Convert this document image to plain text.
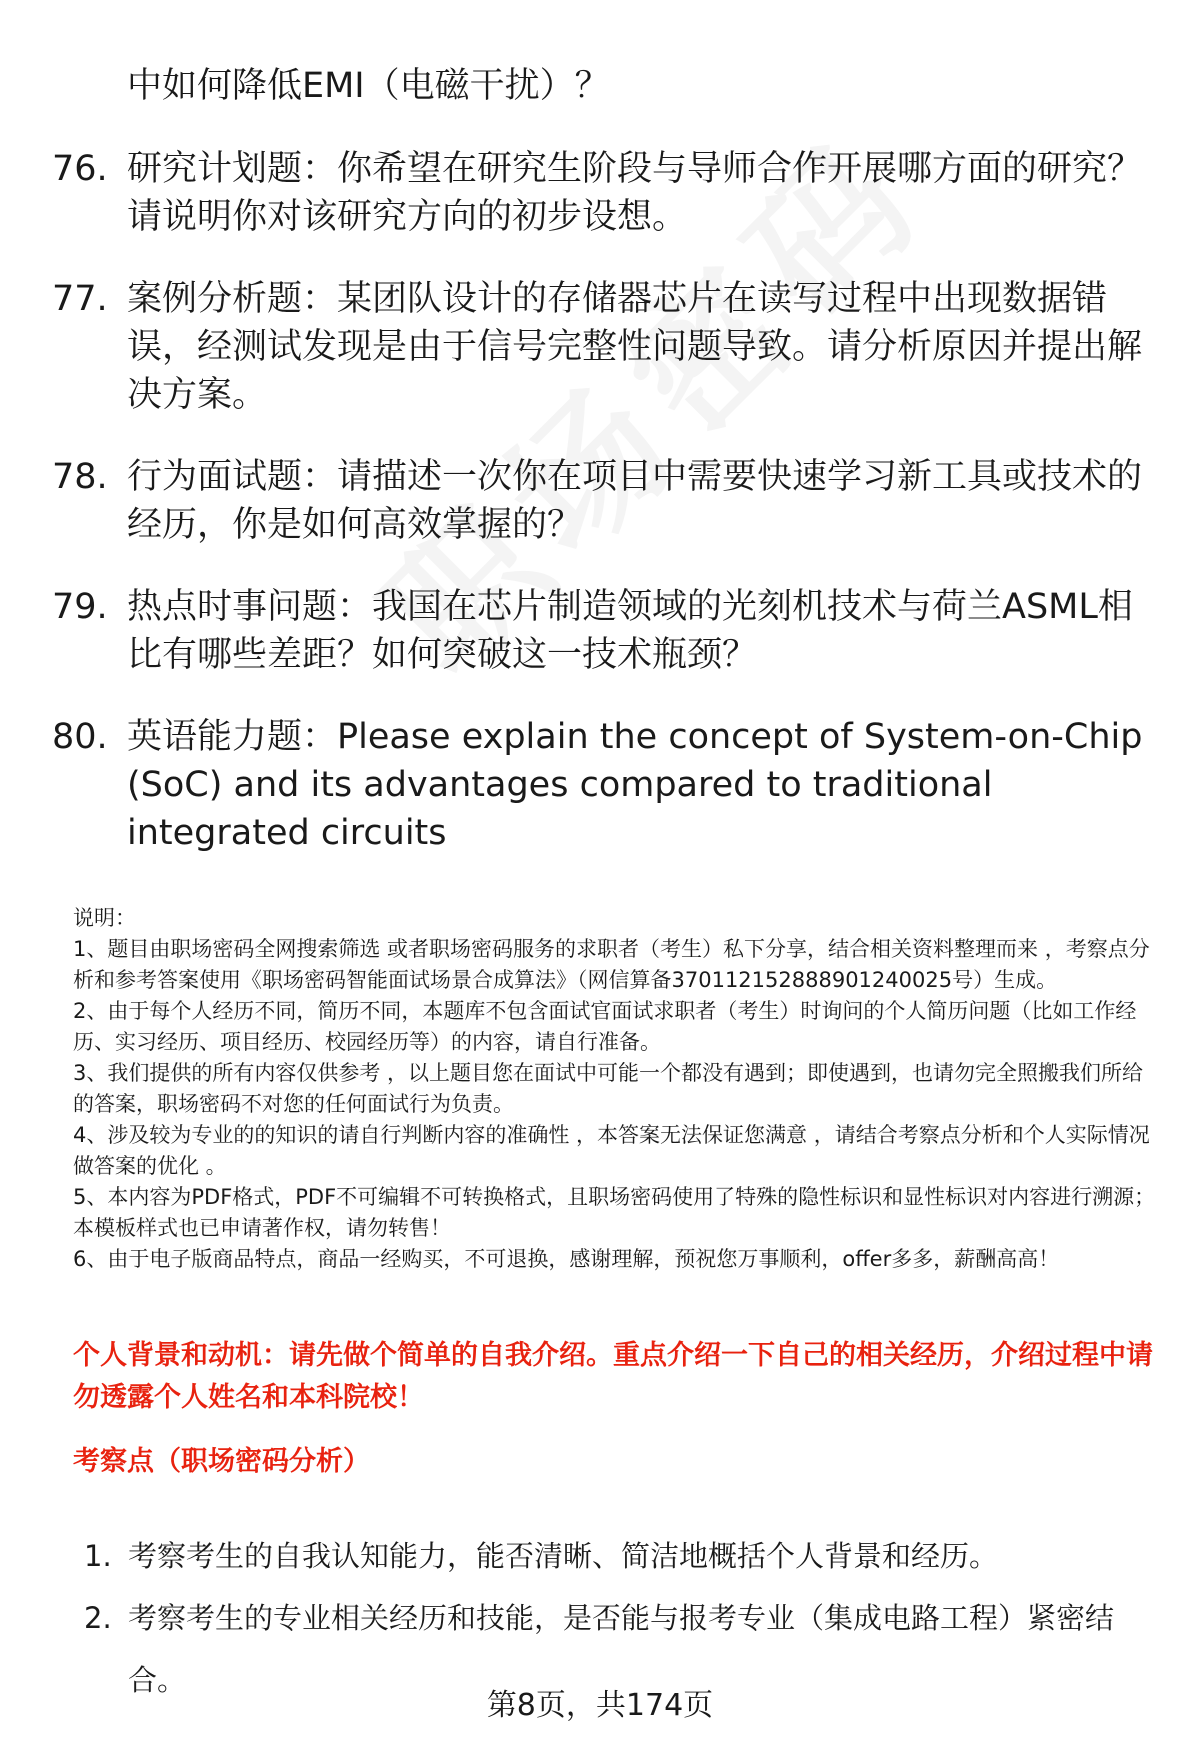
中如何降低EMI（电磁干扰）？
76. 研究计划题：你希望在研究生阶段与导师合作开展哪方面的研究？请说明你对该研究方向的初步设想。
77. 案例分析题：某团队设计的存储器芯片在读写过程中出现数据错误，经测试发现是由于信号完整性问题导致。请分析原因并提出解决方案。
78. 行为面试题：请描述一次你在项目中需要快速学习新工具或技术的经历，你是如何高效掌握的？
79. 热点时事问题：我国在芯片制造领域的光刻机技术与荷兰ASML相比有哪些差距？如何突破这一技术瓶颈？
80. 英语能力题：Please explain the concept of System-on-Chip (SoC) and its advantages compared to traditional integrated circuits

说明：

1、题目由职场密码全网搜索筛选 或者职场密码服务的求职者（考生）私下分享，结合相关资料整理而来 ，考察点分析和参考答案使用《职场密码智能面试场景合成算法》（网信算备370112152888901240025号）生成。

2、由于每个人经历不同，简历不同，本题库不包含面试官面试求职者（考生）时询问的个人简历问题（比如工作经历、实习经历、项目经历、校园经历等）的内容，请自行准备。

3、我们提供的所有内容仅供参考 ，以上题目您在面试中可能一个都没有遇到；即使遇到，也请勿完全照搬我们所给的答案，职场密码不对您的任何面试行为负责。

4、涉及较为专业的的知识的请自行判断内容的准确性 ，本答案无法保证您满意 ，请结合考察点分析和个人实际情况做答案的优化 。

5、本内容为PDF格式，PDF不可编辑不可转换格式，且职场密码使用了特殊的隐性标识和显性标识对内容进行溯源；本模板样式也已申请著作权，请勿转售！

6、由于电子版商品特点，商品一经购买，不可退换，感谢理解，预祝您万事顺利，offer多多，薪酬高高！

个人背景和动机：请先做个简单的自我介绍。重点介绍一下自己的相关经历，介绍过程中请勿透露个人姓名和本科院校！
考察点（职场密码分析）
1. 考察考生的自我认知能力，能否清晰、简洁地概括个人背景和经历。
2. 考察考生的专业相关经历和技能，是否能与报考专业（集成电路工程）紧密结合。
第8页，共174页
